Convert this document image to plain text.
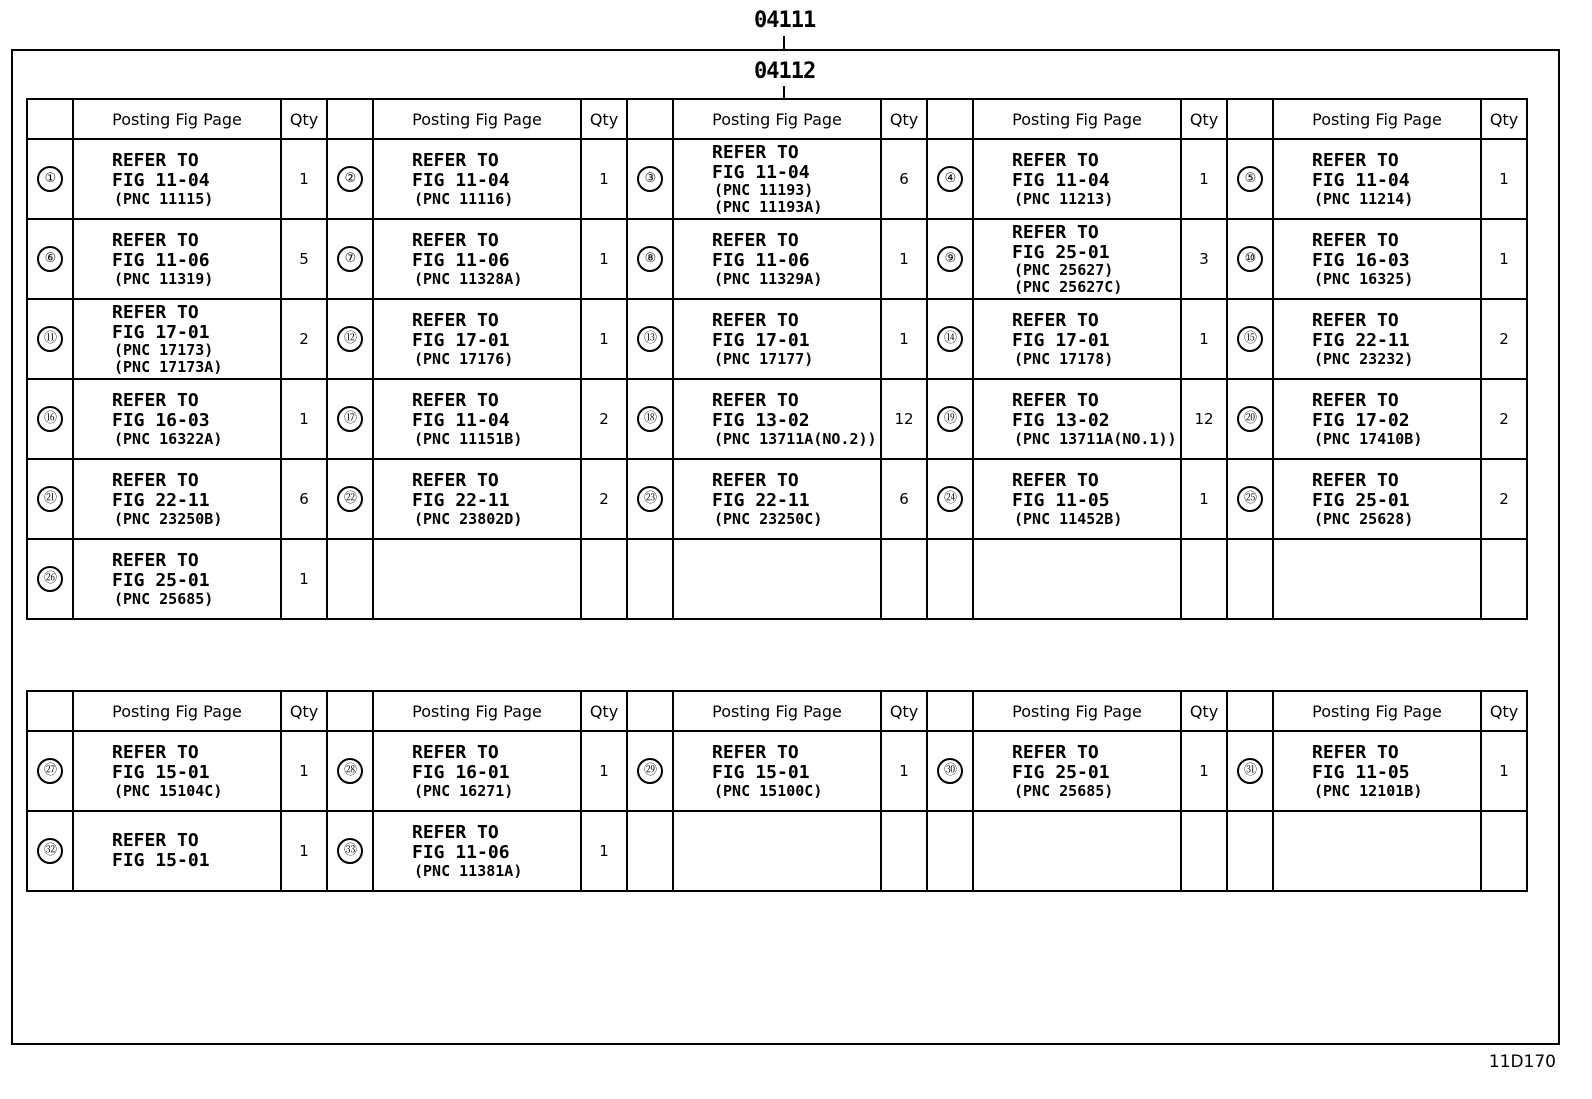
04111
04112
	Posting Fig Page	Qty		Posting Fig Page	Qty		Posting Fig Page	Qty		Posting Fig Page	Qty		Posting Fig Page	Qty
①	REFER TO
FIG 11-04
(PNC 11115)	1	②	REFER TO
FIG 11-04
(PNC 11116)	1	③	REFER TO
FIG 11-04
(PNC 11193)
(PNC 11193A)	6	④	REFER TO
FIG 11-04
(PNC 11213)	1	⑤	REFER TO
FIG 11-04
(PNC 11214)	1
⑥	REFER TO
FIG 11-06
(PNC 11319)	5	⑦	REFER TO
FIG 11-06
(PNC 11328A)	1	⑧	REFER TO
FIG 11-06
(PNC 11329A)	1	⑨	REFER TO
FIG 25-01
(PNC 25627)
(PNC 25627C)	3	⑩	REFER TO
FIG 16-03
(PNC 16325)	1
⑪	REFER TO
FIG 17-01
(PNC 17173)
(PNC 17173A)	2	⑫	REFER TO
FIG 17-01
(PNC 17176)	1	⑬	REFER TO
FIG 17-01
(PNC 17177)	1	⑭	REFER TO
FIG 17-01
(PNC 17178)	1	⑮	REFER TO
FIG 22-11
(PNC 23232)	2
⑯	REFER TO
FIG 16-03
(PNC 16322A)	1	⑰	REFER TO
FIG 11-04
(PNC 11151B)	2	⑱	REFER TO
FIG 13-02
(PNC 13711A(NO.2))	12	⑲	REFER TO
FIG 13-02
(PNC 13711A(NO.1))	12	⑳	REFER TO
FIG 17-02
(PNC 17410B)	2
㉑	REFER TO
FIG 22-11
(PNC 23250B)	6	㉒	REFER TO
FIG 22-11
(PNC 23802D)	2	㉓	REFER TO
FIG 22-11
(PNC 23250C)	6	㉔	REFER TO
FIG 11-05
(PNC 11452B)	1	㉕	REFER TO
FIG 25-01
(PNC 25628)	2
㉖	REFER TO
FIG 25-01
(PNC 25685)	1												
	Posting Fig Page	Qty		Posting Fig Page	Qty		Posting Fig Page	Qty		Posting Fig Page	Qty		Posting Fig Page	Qty
㉗	REFER TO
FIG 15-01
(PNC 15104C)	1	㉘	REFER TO
FIG 16-01
(PNC 16271)	1	㉙	REFER TO
FIG 15-01
(PNC 15100C)	1	㉚	REFER TO
FIG 25-01
(PNC 25685)	1	㉛	REFER TO
FIG 11-05
(PNC 12101B)	1
㉜	REFER TO
FIG 15-01	1	㉝	REFER TO
FIG 11-06
(PNC 11381A)	1									
11D170
